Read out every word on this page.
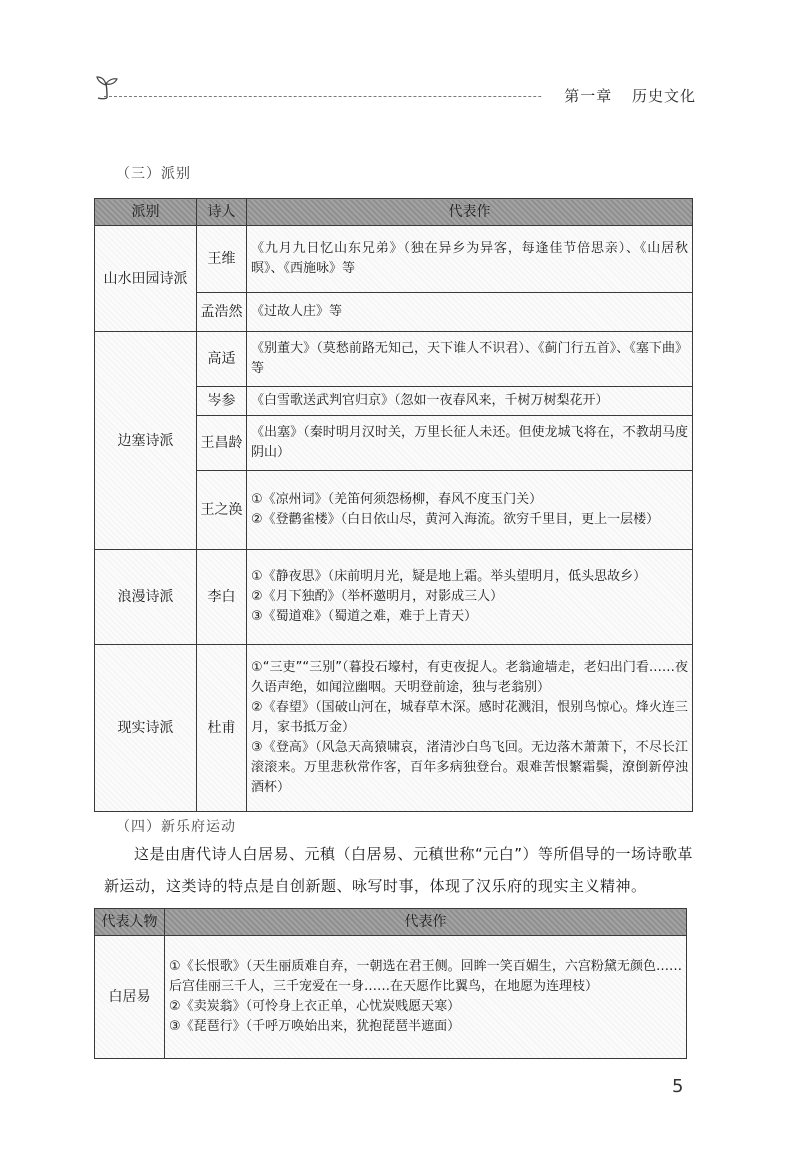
第一章 历史文化
（三）派别
派别	诗人	代表作
山水田园诗派	王维	《九月九日忆山东兄弟》（独在异乡为异客，每逢佳节倍思亲）、《山居秋暝》、《西施咏》等

	孟浩然	《过故人庄》等

边塞诗派	高适	《别董大》（莫愁前路无知己，天下谁人不识君）、《蓟门行五首》、《塞下曲》等

	岑参	《白雪歌送武判官归京》（忽如一夜春风来，千树万树梨花开）

	王昌龄	《出塞》（秦时明月汉时关，万里长征人未还。但使龙城飞将在，不教胡马度阴山）

	王之涣	①《凉州词》（羌笛何须怨杨柳，春风不度玉门关）
②《登鹳雀楼》（白日依山尽，黄河入海流。欲穷千里目，更上一层楼）

浪漫诗派	李白	①《静夜思》（床前明月光，疑是地上霜。举头望明月，低头思故乡）
②《月下独酌》（举杯邀明月，对影成三人）
③《蜀道难》（蜀道之难，难于上青天）

现实诗派	杜甫	①“三吏”“三别”（暮投石壕村，有吏夜捉人。老翁逾墙走，老妇出门看……夜久语声绝，如闻泣幽咽。天明登前途，独与老翁别）
②《春望》（国破山河在，城春草木深。感时花溅泪，恨别鸟惊心。烽火连三月，家书抵万金）
③《登高》（风急天高猿啸哀，渚清沙白鸟飞回。无边落木萧萧下，不尽长江滚滚来。万里悲秋常作客，百年多病独登台。艰难苦恨繁霜鬓，潦倒新停浊酒杯）
（四）新乐府运动
这是由唐代诗人白居易、元稹（白居易、元稹世称“元白”）等所倡导的一场诗歌革新运动，这类诗的特点是自创新题、咏写时事，体现了汉乐府的现实主义精神。
代表人物	代表作
白居易	①《长恨歌》（天生丽质难自弃，一朝选在君王侧。回眸一笑百媚生，六宫粉黛无颜色……后宫佳丽三千人，三千宠爱在一身……在天愿作比翼鸟，在地愿为连理枝）
②《卖炭翁》（可怜身上衣正单，心忧炭贱愿天寒）
③《琵琶行》（千呼万唤始出来，犹抱琵琶半遮面）
5
